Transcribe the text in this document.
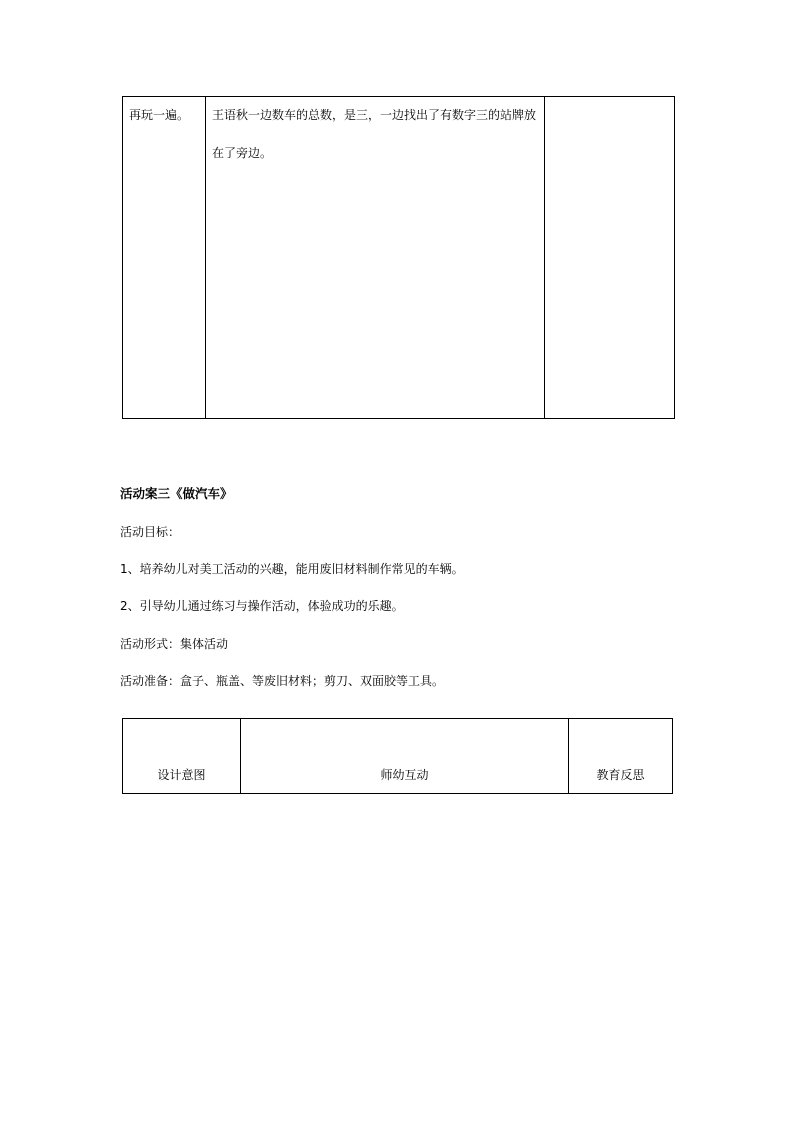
再玩一遍。	王语秋一边数车的总数，是三，一边找出了有数字三的站牌放在了旁边。

活动案三《做汽车》

活动目标：

1、培养幼儿对美工活动的兴趣，能用废旧材料制作常见的车辆。

2、引导幼儿通过练习与操作活动，体验成功的乐趣。

活动形式：集体活动

活动准备：盒子、瓶盖、等废旧材料；剪刀、双面胶等工具。

设计意图	师幼互动	教育反思
